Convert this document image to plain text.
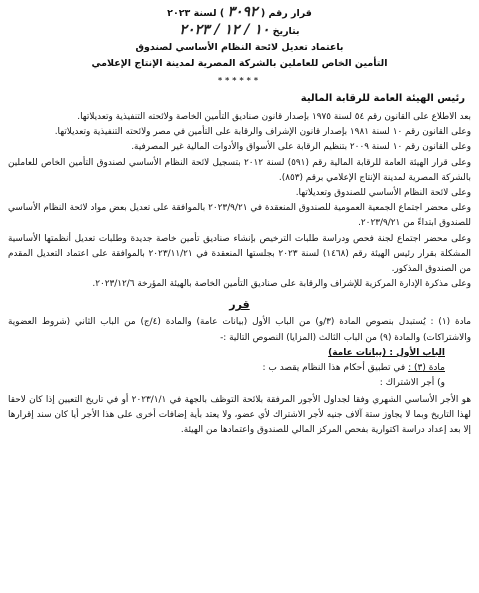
قرار رقم ( ٣٠٩٢ ) لسنة ٢٠٢٣
بتاريخ ١٠ / ١٢ / ٢٠٢٣
باعتماد تعديل لائحة النظام الأساسي لصندوق
التأمين الخاص للعاملين بالشركة المصرية لمدينة الإنتاج الإعلامي
******
رئيس الهيئة العامة للرقابة المالية

بعد الاطلاع على القانون رقم ٥٤ لسنة ١٩٧٥ بإصدار قانون صناديق التأمين الخاصة ولائحته التنفيذية وتعديلاتها.

وعلى القانون رقم ١٠ لسنة ١٩٨١ بإصدار قانون الإشراف والرقابة على التأمين في مصر ولائحته التنفيذية وتعديلاتها.

وعلى القانون رقم ١٠ لسنة ٢٠٠٩ بتنظيم الرقابة على الأسواق والأدوات المالية غير المصرفية.

وعلى قرار الهيئة العامة للرقابة المالية رقم (٥٩١) لسنة ٢٠١٢ بتسجيل لائحة النظام الأساسي لصندوق التأمين الخاص للعاملين بالشركة المصرية لمدينة الإنتاج الإعلامي برقم (٨٥٣).

وعلى لائحة النظام الأساسي للصندوق وتعديلاتها.

وعلى محضر اجتماع الجمعية العمومية للصندوق المنعقدة في ٢٠٢٣/٩/٢١ بالموافقة على تعديل بعض مواد لائحة النظام الأساسي للصندوق ابتداءً من ٢٠٢٣/٩/٢١.

وعلى محضر اجتماع لجنة فحص ودراسة طلبات الترخيص بإنشاء صناديق تأمين خاصة جديدة وطلبات تعديل أنظمتها الأساسية المشكلة بقرار رئيس الهيئة رقم (١٤٦٨) لسنة ٢٠٢٣ بجلستها المنعقدة في ٢٠٢٣/١١/٢١ بالموافقة على اعتماد التعديل المقدم من الصندوق المذكور.

وعلى مذكرة الإدارة المركزية للإشراف والرقابة على صناديق التأمين الخاصة بالهيئة المؤرخة ٢٠٢٣/١٢/٦.

قرر

مادة (١) : يُستبدل بنصوص المادة (٣/و) من الباب الأول (بيانات عامة) والمادة (٤/ج) من الباب الثاني (شروط العضوية والاشتراكات) والمادة (٩) من الباب الثالث (المزايا) النصوص التالية :-

الباب الأول : (بيانات عامة)

مادة (٣) : في تطبيق أحكام هذا النظام يقصد ب :

و) أجر الاشتراك :

هو الأجر الأساسي الشهري وفقا لجداول الأجور المرفقة بلائحة التوظف بالجهة في ٢٠٢٣/١/١ أو في تاريخ التعيين إذا كان لاحقا لهذا التاريخ وبما لا يجاوز ستة آلاف جنيه لأجر الاشتراك لأي عضو، ولا يعتد بأية إضافات أخرى على هذا الأجر أيا كان سند إقرارها إلا بعد إعداد دراسة اكتوارية بفحص المركز المالي للصندوق واعتمادها من الهيئة.
